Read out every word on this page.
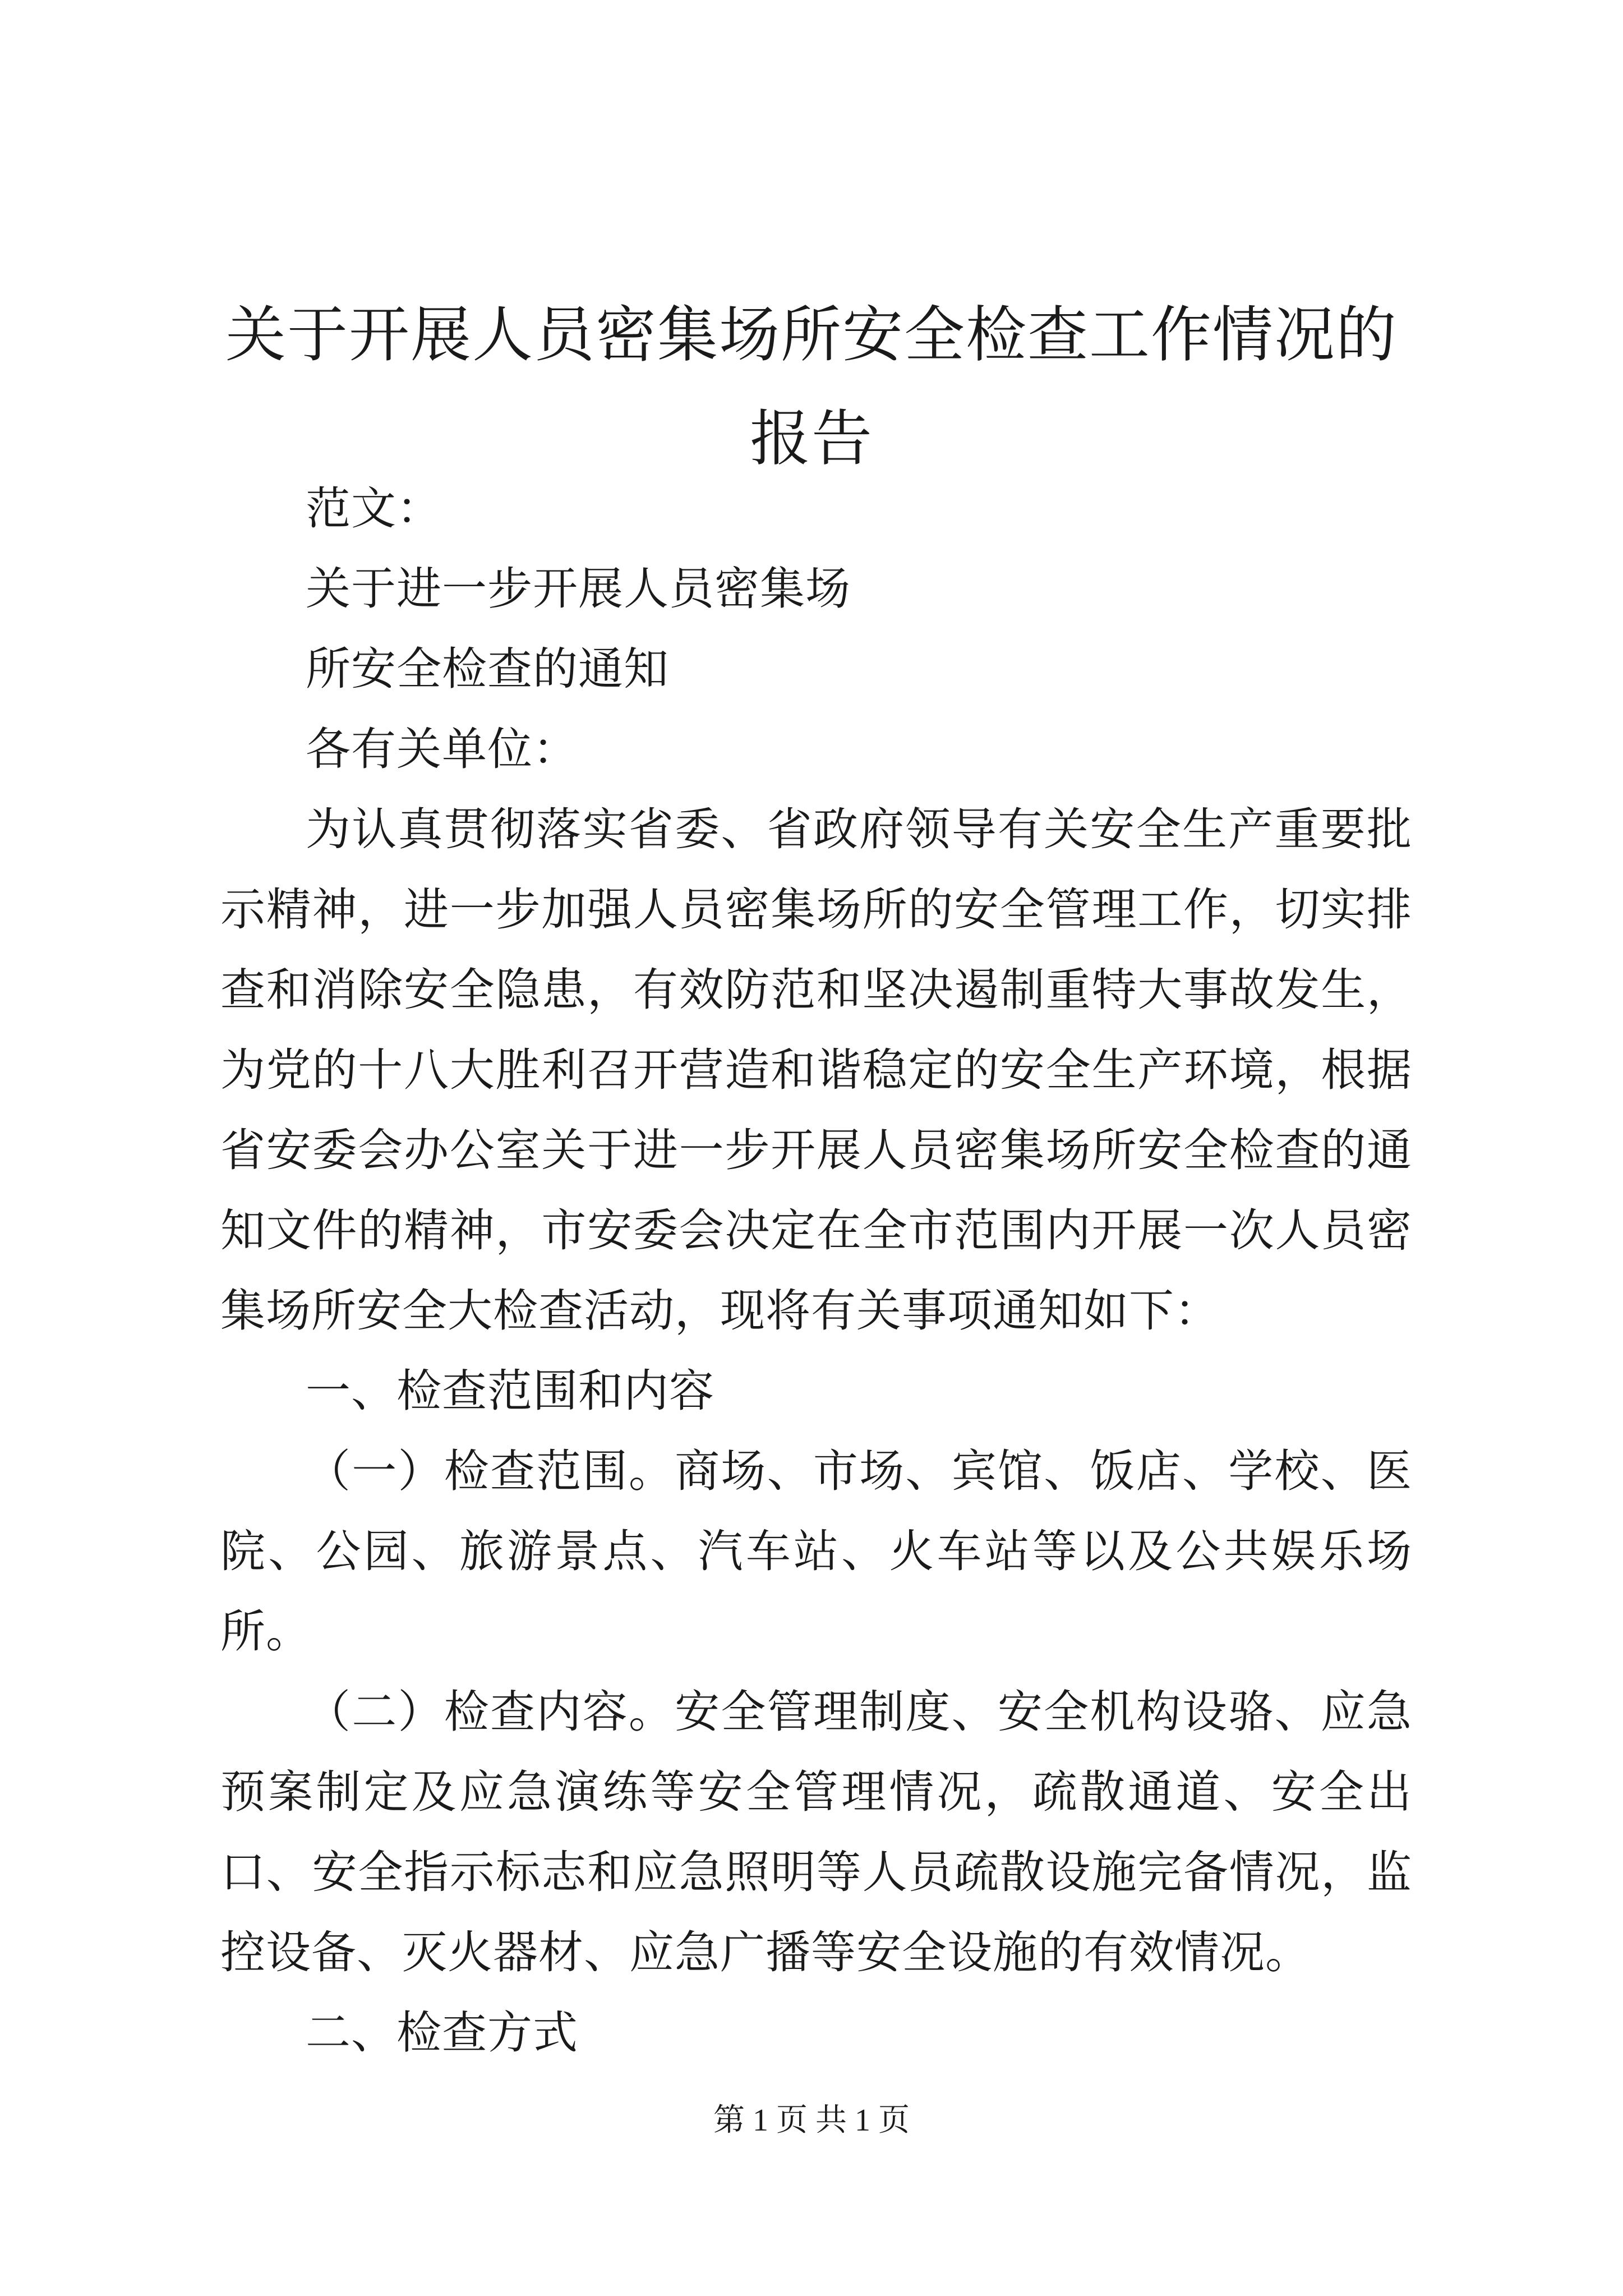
关于开展人员密集场所安全检查工作情况的报告

范文：

关于进一步开展人员密集场

所安全检查的通知

各有关单位：

为认真贯彻落实省委、省政府领导有关安全生产重要批示精神，进一步加强人员密集场所的安全管理工作，切实排查和消除安全隐患，有效防范和坚决遏制重特大事故发生，为党的十八大胜利召开营造和谐稳定的安全生产环境，根据省安委会办公室关于进一步开展人员密集场所安全检查的通知文件的精神，市安委会决定在全市范围内开展一次人员密集场所安全大检查活动，现将有关事项通知如下：

一、检查范围和内容

（一）检查范围。商场、市场、宾馆、饭店、学校、医院、公园、旅游景点、汽车站、火车站等以及公共娱乐场所。

（二）检查内容。安全管理制度、安全机构设骆、应急预案制定及应急演练等安全管理情况，疏散通道、安全出口、安全指示标志和应急照明等人员疏散设施完备情况，监控设备、灭火器材、应急广播等安全设施的有效情况。

二、检查方式

第 1 页 共 1 页
